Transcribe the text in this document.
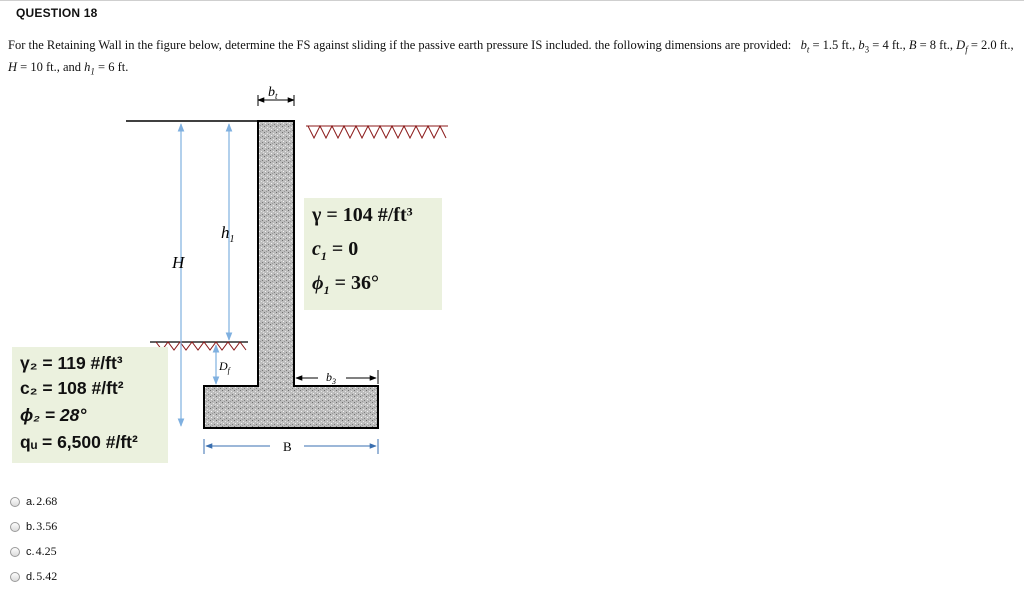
QUESTION 18
For the Retaining Wall in the figure below, determine the FS against sliding if the passive earth pressure IS included. the following dimensions are provided: $b_t = 1.5$ ft., $b_3 = 4$ ft., B = 8 ft., $D_f = 2.0$ ft., H = 10 ft., and $h_1 = 6$ ft.
$b_t$
$h_1$
H
$D_f$	$b_3$
B
γ = 104 #/ft³
$c_1 = 0$
$\phi_1 = 36^\circ$
γ₂ = 119 #/ft³
c₂ = 108 #/ft²
ϕ₂ = 28°
qᵤ = 6,500 #/ft²
a. 2.68
b. 3.56
c. 4.25
d. 5.42
